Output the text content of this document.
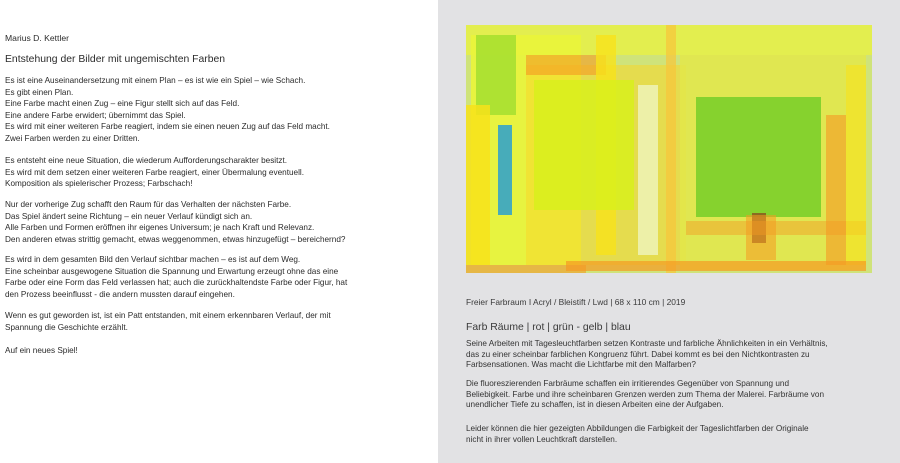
Marius D. Kettler
Entstehung der Bilder mit ungemischten Farben

Es ist eine Auseinandersetzung mit einem Plan – es ist wie ein Spiel – wie Schach.
Es gibt einen Plan.
Eine Farbe macht einen Zug – eine Figur stellt sich auf das Feld.
Eine andere Farbe erwidert; übernimmt das Spiel.
Es wird mit einer weiteren Farbe reagiert, indem sie einen neuen Zug auf das Feld macht.
Zwei Farben werden zu einer Dritten.

Es entsteht eine neue Situation, die wiederum Aufforderungscharakter besitzt.
Es wird mit dem setzen einer weiteren Farbe reagiert, einer Übermalung eventuell.
Komposition als spielerischer Prozess; Farbschach!

Nur der vorherige Zug schafft den Raum für das Verhalten der nächsten Farbe.
Das Spiel ändert seine Richtung – ein neuer Verlauf kündigt sich an.
Alle Farben und Formen eröffnen ihr eigenes Universum; je nach Kraft und Relevanz.
Den anderen etwas strittig gemacht, etwas weggenommen, etwas hinzugefügt – bereichernd?

Es wird in dem gesamten Bild den Verlauf sichtbar machen – es ist auf dem Weg.
Eine scheinbar ausgewogene Situation die Spannung und Erwartung erzeugt ohne das eine
Farbe oder eine Form das Feld verlassen hat; auch die zurückhaltendste Farbe oder Figur, hat
den Prozess beeinflusst - die andern mussten darauf eingehen.

Wenn es gut geworden ist, ist ein Patt entstanden, mit einem erkennbaren Verlauf, der mit
Spannung die Geschichte erzählt.

Auf ein neues Spiel!

Freier Farbraum I Acryl / Bleistift / Lwd | 68 x 110 cm | 2019
Farb Räume | rot | grün - gelb | blau

Seine Arbeiten mit Tagesleuchtfarben setzen Kontraste und farbliche Ähnlichkeiten in ein Verhältnis,
das zu einer scheinbar farblichen Kongruenz führt. Dabei kommt es bei den Nichtkontrasten zu
Farbsensationen. Was macht die Lichtfarbe mit den Malfarben?

Die fluoreszierenden Farbräume schaffen ein irritierendes Gegenüber von Spannung und
Beliebigkeit. Farbe und ihre scheinbaren Grenzen werden zum Thema der Malerei. Farbräume von
unendlicher Tiefe zu schaffen, ist in diesen Arbeiten eine der Aufgaben.

Leider können die hier gezeigten Abbildungen die Farbigkeit der Tageslichtfarben der Originale
nicht in ihrer vollen Leuchtkraft darstellen.
